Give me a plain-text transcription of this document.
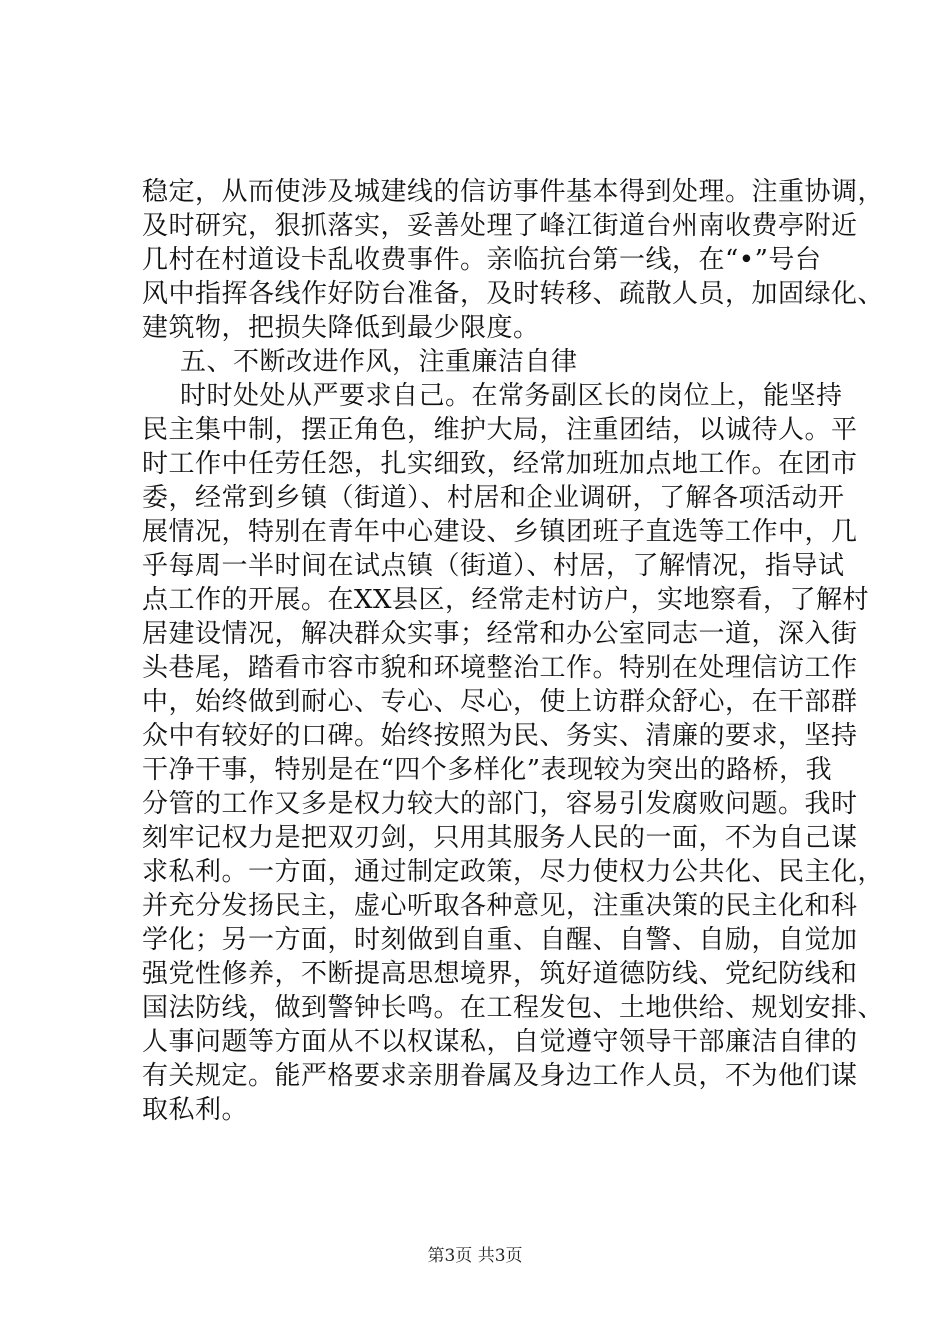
稳定，从而使涉及城建线的信访事件基本得到处理。注重协调，
及时研究，狠抓落实，妥善处理了峰江街道台州南收费亭附近
几村在村道设卡乱收费事件。亲临抗台第一线，在“•”号台
风中指挥各线作好防台准备，及时转移、疏散人员，加固绿化、
建筑物，把损失降低到最少限度。
五、不断改进作风，注重廉洁自律
时时处处从严要求自己。在常务副区长的岗位上，能坚持
民主集中制，摆正角色，维护大局，注重团结，以诚待人。平
时工作中任劳任怨，扎实细致，经常加班加点地工作。在团市
委，经常到乡镇（街道）、村居和企业调研，了解各项活动开
展情况，特别在青年中心建设、乡镇团班子直选等工作中，几
乎每周一半时间在试点镇（街道）、村居，了解情况，指导试
点工作的开展。在XX县区，经常走村访户，实地察看，了解村
居建设情况，解决群众实事；经常和办公室同志一道，深入街
头巷尾，踏看市容市貌和环境整治工作。特别在处理信访工作
中，始终做到耐心、专心、尽心，使上访群众舒心，在干部群
众中有较好的口碑。始终按照为民、务实、清廉的要求，坚持
干净干事，特别是在“四个多样化”表现较为突出的路桥，我
分管的工作又多是权力较大的部门，容易引发腐败问题。我时
刻牢记权力是把双刃剑，只用其服务人民的一面，不为自己谋
求私利。一方面，通过制定政策，尽力使权力公共化、民主化，
并充分发扬民主，虚心听取各种意见，注重决策的民主化和科
学化；另一方面，时刻做到自重、自醒、自警、自励，自觉加
强党性修养，不断提高思想境界，筑好道德防线、党纪防线和
国法防线，做到警钟长鸣。在工程发包、土地供给、规划安排、
人事问题等方面从不以权谋私，自觉遵守领导干部廉洁自律的
有关规定。能严格要求亲朋眷属及身边工作人员，不为他们谋
取私利。
第3页 共3页
